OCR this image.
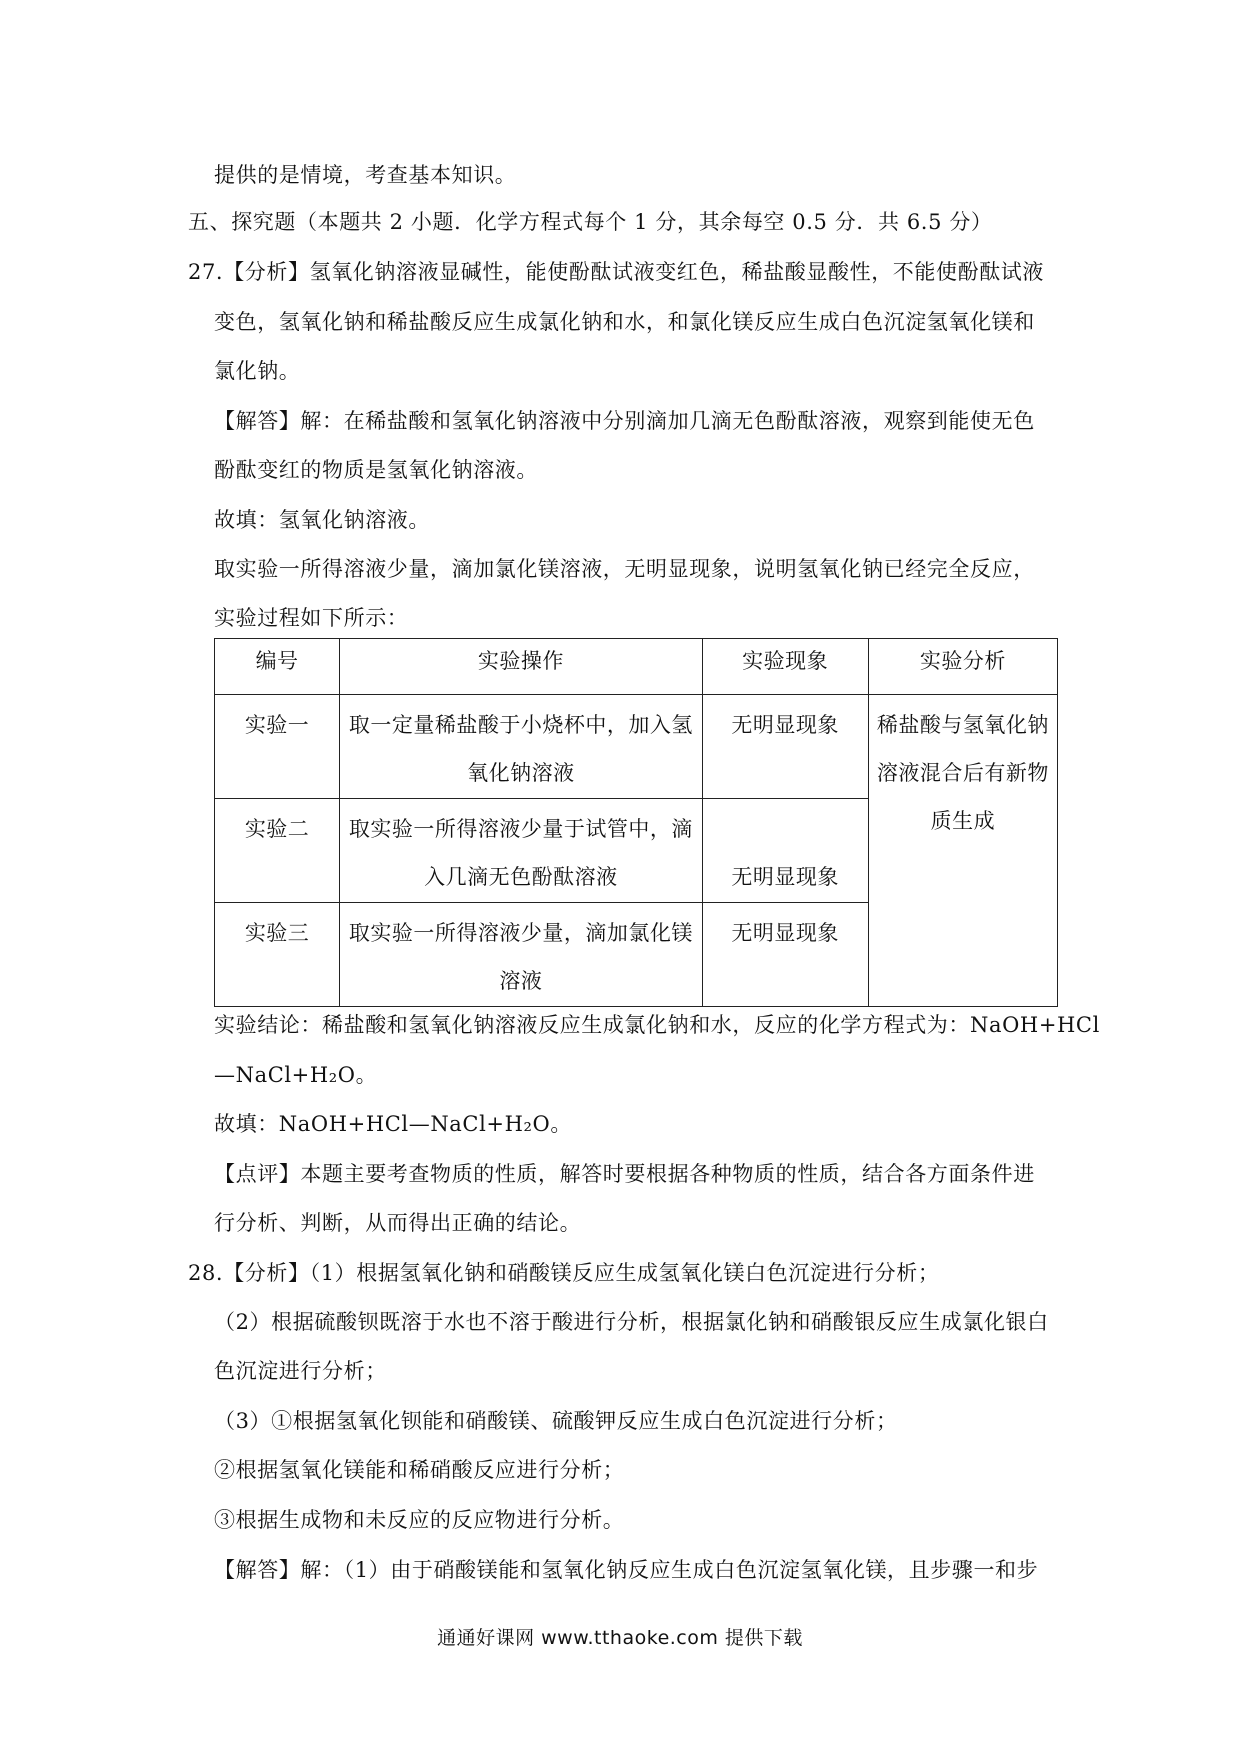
提供的是情境，考查基本知识。
五、探究题（本题共 2 小题．化学方程式每个 1 分，其余每空 0.5 分．共 6.5 分）
27.【分析】氢氧化钠溶液显碱性，能使酚酞试液变红色，稀盐酸显酸性，不能使酚酞试液
变色，氢氧化钠和稀盐酸反应生成氯化钠和水，和氯化镁反应生成白色沉淀氢氧化镁和
氯化钠。
【解答】解：在稀盐酸和氢氧化钠溶液中分别滴加几滴无色酚酞溶液，观察到能使无色
酚酞变红的物质是氢氧化钠溶液。
故填：氢氧化钠溶液。
取实验一所得溶液少量，滴加氯化镁溶液，无明显现象，说明氢氧化钠已经完全反应，
实验过程如下所示：
编号	实验操作	实验现象	实验分析

实验一	取一定量稀盐酸于小烧杯中，加入氢
氧化钠溶液	无明显现象	稀盐酸与氢氧化钠
溶液混合后有新物
质生成

实验二	取实验一所得溶液少量于试管中，滴
入几滴无色酚酞溶液	无明显现象	

实验三	取实验一所得溶液少量，滴加氯化镁
溶液	无明显现象	
实验结论：稀盐酸和氢氧化钠溶液反应生成氯化钠和水，反应的化学方程式为：NaOH+HCl
—NaCl+H₂O。
故填：NaOH+HCl—NaCl+H₂O。
【点评】本题主要考查物质的性质，解答时要根据各种物质的性质，结合各方面条件进
行分析、判断，从而得出正确的结论。
28.【分析】（1）根据氢氧化钠和硝酸镁反应生成氢氧化镁白色沉淀进行分析；
（2）根据硫酸钡既溶于水也不溶于酸进行分析，根据氯化钠和硝酸银反应生成氯化银白
色沉淀进行分析；
（3）①根据氢氧化钡能和硝酸镁、硫酸钾反应生成白色沉淀进行分析；
②根据氢氧化镁能和稀硝酸反应进行分析；
③根据生成物和未反应的反应物进行分析。
【解答】解：（1）由于硝酸镁能和氢氧化钠反应生成白色沉淀氢氧化镁，且步骤一和步
通通好课网 www.tthaoke.com 提供下载
